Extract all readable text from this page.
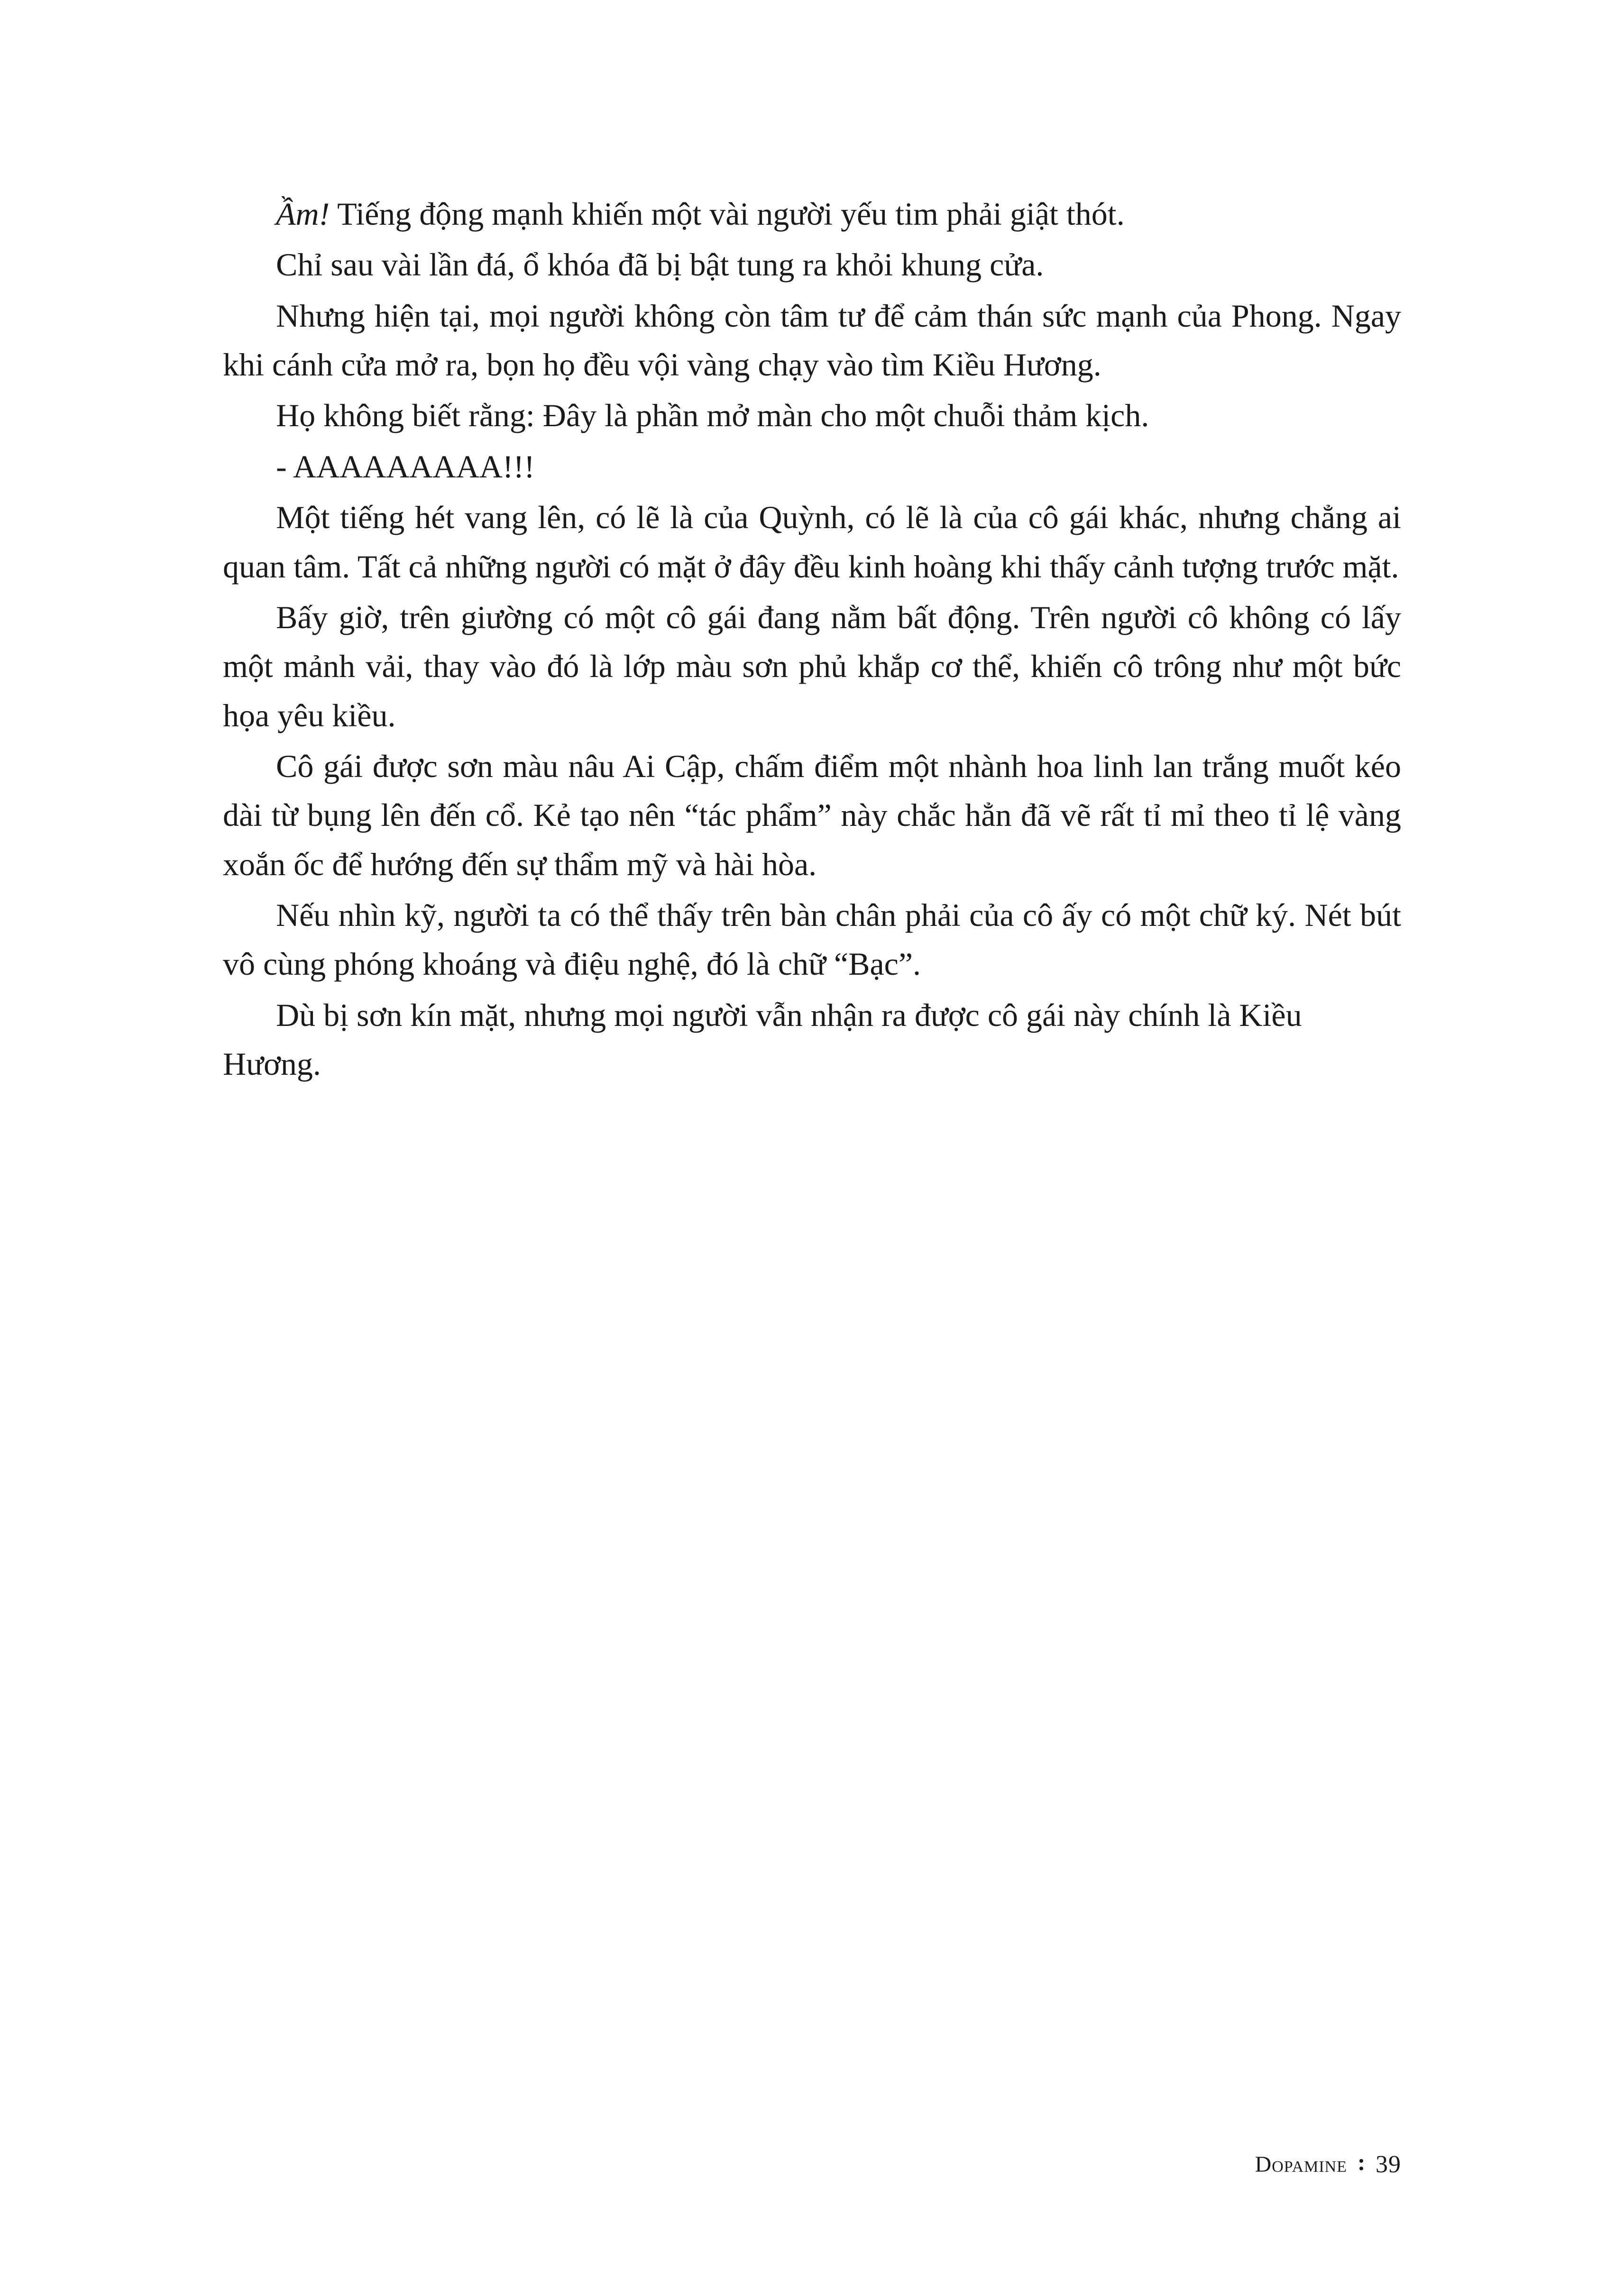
Ầm! Tiếng động mạnh khiến một vài người yếu tim phải giật thót.

Chỉ sau vài lần đá, ổ khóa đã bị bật tung ra khỏi khung cửa.

Nhưng hiện tại, mọi người không còn tâm tư để cảm thán sức mạnh của Phong. Ngay khi cánh cửa mở ra, bọn họ đều vội vàng chạy vào tìm Kiều Hương.

Họ không biết rằng: Đây là phần mở màn cho một chuỗi thảm kịch.

- AAAAAAAAA!!!

Một tiếng hét vang lên, có lẽ là của Quỳnh, có lẽ là của cô gái khác, nhưng chẳng ai quan tâm. Tất cả những người có mặt ở đây đều kinh hoàng khi thấy cảnh tượng trước mặt.

Bấy giờ, trên giường có một cô gái đang nằm bất động. Trên người cô không có lấy một mảnh vải, thay vào đó là lớp màu sơn phủ khắp cơ thể, khiến cô trông như một bức họa yêu kiều.

Cô gái được sơn màu nâu Ai Cập, chấm điểm một nhành hoa linh lan trắng muốt kéo dài từ bụng lên đến cổ. Kẻ tạo nên “tác phẩm” này chắc hẳn đã vẽ rất tỉ mỉ theo tỉ lệ vàng xoắn ốc để hướng đến sự thẩm mỹ và hài hòa.

Nếu nhìn kỹ, người ta có thể thấy trên bàn chân phải của cô ấy có một chữ ký. Nét bút vô cùng phóng khoáng và điệu nghệ, đó là chữ “Bạc”.

Dù bị sơn kín mặt, nhưng mọi người vẫn nhận ra được cô gái này chính là Kiều Hương.

Dopamine 39
